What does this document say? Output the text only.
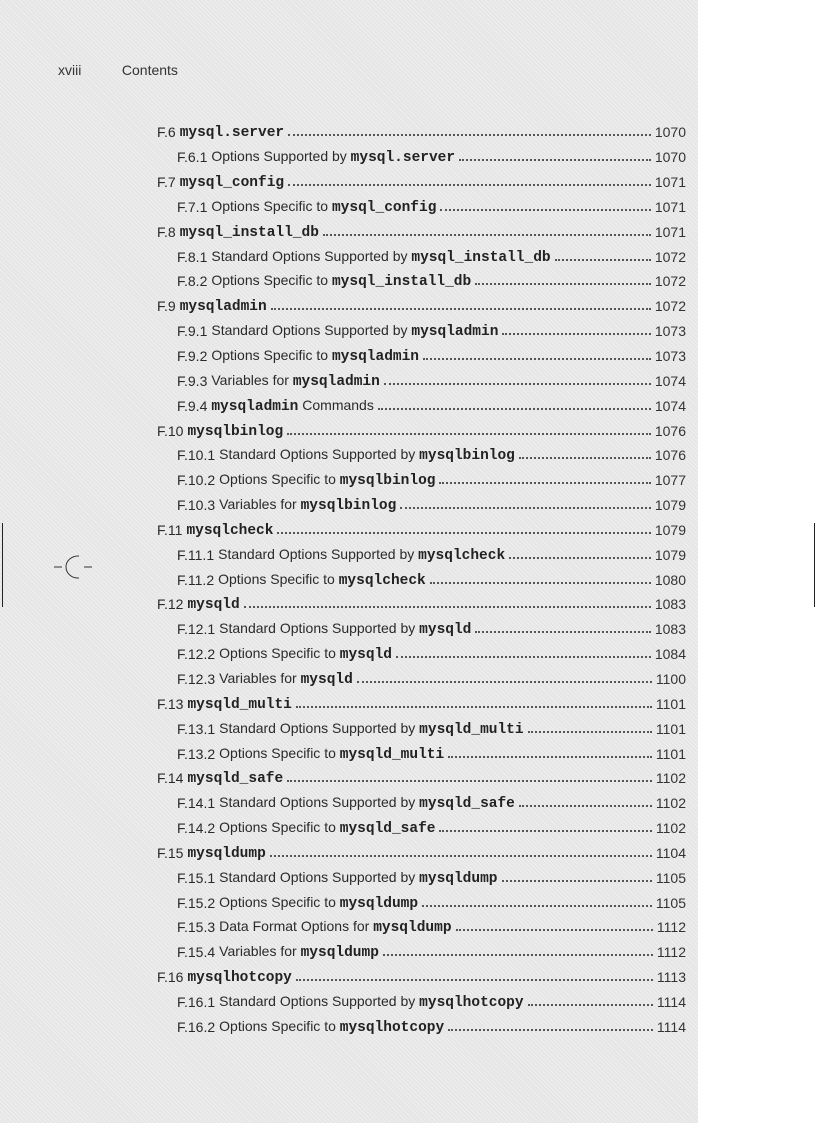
xviii	Contents
F.6 mysql.server	1070
F.6.1 Options Supported by mysql.server	1070
F.7 mysql_config	1071
F.7.1 Options Specific to mysql_config	1071
F.8 mysql_install_db	1071
F.8.1 Standard Options Supported by mysql_install_db	1072
F.8.2 Options Specific to mysql_install_db	1072
F.9 mysqladmin	1072
F.9.1 Standard Options Supported by mysqladmin	1073
F.9.2 Options Specific to mysqladmin	1073
F.9.3 Variables for mysqladmin	1074
F.9.4 mysqladmin Commands	1074
F.10 mysqlbinlog	1076
F.10.1 Standard Options Supported by mysqlbinlog	1076
F.10.2 Options Specific to mysqlbinlog	1077
F.10.3 Variables for mysqlbinlog	1079
F.11 mysqlcheck	1079
F.11.1 Standard Options Supported by mysqlcheck	1079
F.11.2 Options Specific to mysqlcheck	1080
F.12 mysqld	1083
F.12.1 Standard Options Supported by mysqld	1083
F.12.2 Options Specific to mysqld	1084
F.12.3 Variables for mysqld	1100
F.13 mysqld_multi	1101
F.13.1 Standard Options Supported by mysqld_multi	1101
F.13.2 Options Specific to mysqld_multi	1101
F.14 mysqld_safe	1102
F.14.1 Standard Options Supported by mysqld_safe	1102
F.14.2 Options Specific to mysqld_safe	1102
F.15 mysqldump	1104
F.15.1 Standard Options Supported by mysqldump	1105
F.15.2 Options Specific to mysqldump	1105
F.15.3 Data Format Options for mysqldump	1112
F.15.4 Variables for mysqldump	1112
F.16 mysqlhotcopy	1113
F.16.1 Standard Options Supported by mysqlhotcopy	1114
F.16.2 Options Specific to mysqlhotcopy	1114
